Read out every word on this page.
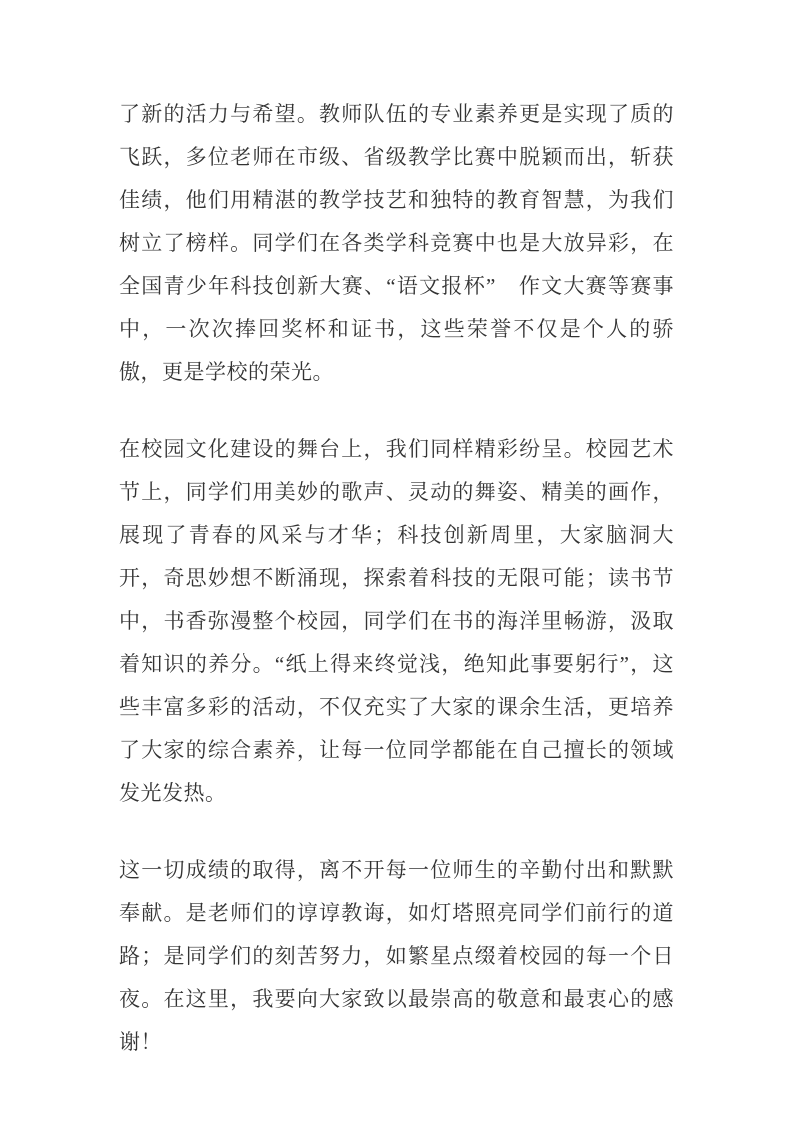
了新的活力与希望。教师队伍的专业素养更是实现了质的飞跃，多位老师在市级、省级教学比赛中脱颖而出，斩获佳绩，他们用精湛的教学技艺和独特的教育智慧，为我们树立了榜样。同学们在各类学科竞赛中也是大放异彩，在全国青少年科技创新大赛、“语文报杯”　作文大赛等赛事中，一次次捧回奖杯和证书，这些荣誉不仅是个人的骄傲，更是学校的荣光。

在校园文化建设的舞台上，我们同样精彩纷呈。校园艺术节上，同学们用美妙的歌声、灵动的舞姿、精美的画作，展现了青春的风采与才华；科技创新周里，大家脑洞大开，奇思妙想不断涌现，探索着科技的无限可能；读书节中，书香弥漫整个校园，同学们在书的海洋里畅游，汲取着知识的养分。“纸上得来终觉浅，绝知此事要躬行”，这些丰富多彩的活动，不仅充实了大家的课余生活，更培养了大家的综合素养，让每一位同学都能在自己擅长的领域发光发热。

这一切成绩的取得，离不开每一位师生的辛勤付出和默默奉献。是老师们的谆谆教诲，如灯塔照亮同学们前行的道路；是同学们的刻苦努力，如繁星点缀着校园的每一个日夜。在这里，我要向大家致以最崇高的敬意和最衷心的感谢！
